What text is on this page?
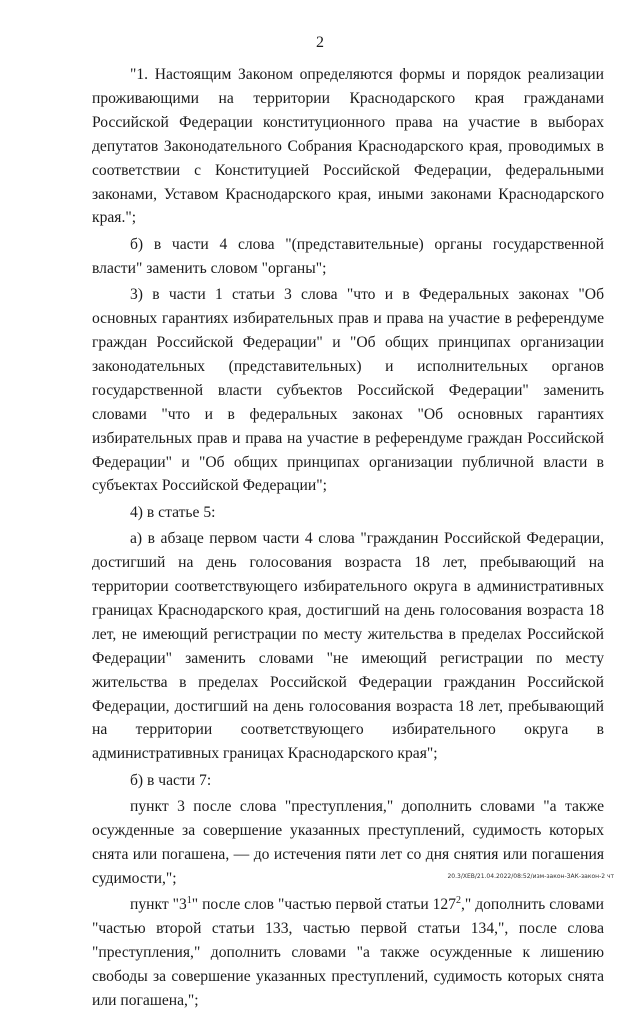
2

"1. Настоящим Законом определяются формы и порядок реализации проживающими на территории Краснодарского края гражданами Российской Федерации конституционного права на участие в выборах депутатов Законодательного Собрания Краснодарского края, проводимых в соответствии с Конституцией Российской Федерации, федеральными законами, Уставом Краснодарского края, иными законами Краснодарского края.";

б) в части 4 слова "(представительные) органы государственной власти" заменить словом "органы";

3) в части 1 статьи 3 слова "что и в Федеральных законах "Об основных гарантиях избирательных прав и права на участие в референдуме граждан Российской Федерации" и "Об общих принципах организации законодательных (представительных) и исполнительных органов государственной власти субъектов Российской Федерации" заменить словами "что и в федеральных законах "Об основных гарантиях избирательных прав и права на участие в референдуме граждан Российской Федерации" и "Об общих принципах организации публичной власти в субъектах Российской Федерации";

4) в статье 5:

а) в абзаце первом части 4 слова "гражданин Российской Федерации, достигший на день голосования возраста 18 лет, пребывающий на территории соответствующего избирательного округа в административных границах Краснодарского края, достигший на день голосования возраста 18 лет, не имеющий регистрации по месту жительства в пределах Российской Федерации" заменить словами "не имеющий регистрации по месту жительства в пределах Российской Федерации гражданин Российской Федерации, достигший на день голосования возраста 18 лет, пребывающий на территории соответствующего избирательного округа в административных границах Краснодарского края";

б) в части 7:

пункт 3 после слова "преступления," дополнить словами "а также осужденные за совершение указанных преступлений, судимость которых снята или погашена, — до истечения пяти лет со дня снятия или погашения судимости,";

пункт "$3^1$" после слов "частью первой статьи $127^2$," дополнить словами "частью второй статьи 133, частью первой статьи 134,", после слова "преступления," дополнить словами "а также осужденные к лишению свободы за совершение указанных преступлений, судимость которых снята или погашена,";

20.3/ХЕВ/21.04.2022/08:52/изм-закон-ЗАК-закон-2 чт
